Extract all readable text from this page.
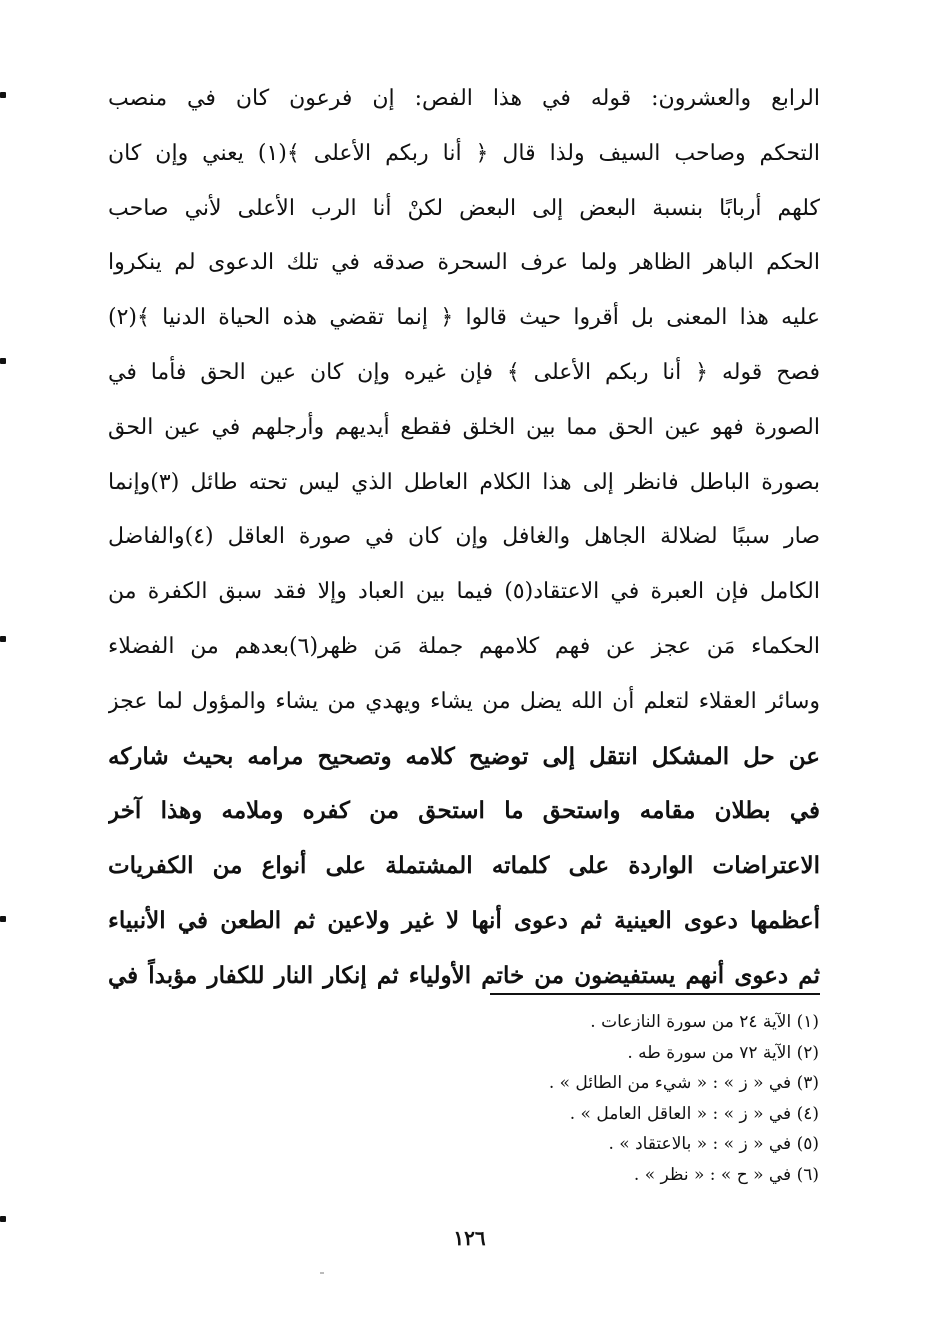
الرابع والعشرون: قوله في هذا الفص: إن فرعون كان في منصب
التحكم وصاحب السيف ولذا قال ﴿ أنا ربكم الأعلى ﴾(١) يعني وإن كان
كلهم أربابًا بنسبة البعض إلى البعض لكنْ أنا الرب الأعلى لأني صاحب
الحكم الباهر الظاهر ولما عرف السحرة صدقه في تلك الدعوى لم ينكروا
عليه هذا المعنى بل أقروا حيث قالوا ﴿ إنما تقضي هذه الحياة الدنيا ﴾(٢)
فصح قوله ﴿ أنا ربكم الأعلى ﴾ فإن غيره وإن كان عين الحق فأما في
الصورة فهو عين الحق مما بين الخلق فقطع أيديهم وأرجلهم في عين الحق
بصورة الباطل فانظر إلى هذا الكلام العاطل الذي ليس تحته طائل (٣)وإنما
صار سببًا لضلالة الجاهل والغافل وإن كان في صورة العاقل (٤)والفاضل
الكامل فإن العبرة في الاعتقاد(٥) فيما بين العباد وإلا فقد سبق الكفرة من
الحكماء مَن عجز عن فهم كلامهم جملة مَن ظهر(٦)بعدهم من الفضلاء
وسائر العقلاء لتعلم أن الله يضل من يشاء ويهدي من يشاء والمؤول لما عجز
عن حل المشكل انتقل إلى توضيح كلامه وتصحيح مرامه بحيث شاركه
في بطلان مقامه واستحق ما استحق من كفره وملامه وهذا آخر
الاعتراضات الواردة على كلماته المشتملة على أنواع من الكفريات
أعظمها دعوى العينية ثم دعوى أنها لا غير ولاعين ثم الطعن في الأنبياء
ثم دعوى أنهم يستفيضون من خاتم الأولياء ثم إنكار النار للكفار مؤبداً في
(١) الآية ٢٤ من سورة النازعات .
(٢) الآية ٧٢ من سورة طه .
(٣) في « ز » : « شيء من الطائل » .
(٤) في « ز » : « العاقل العامل » .
(٥) في « ز » : « بالاعتقاد » .
(٦) في « ح » : « نظر » .
١٢٦
